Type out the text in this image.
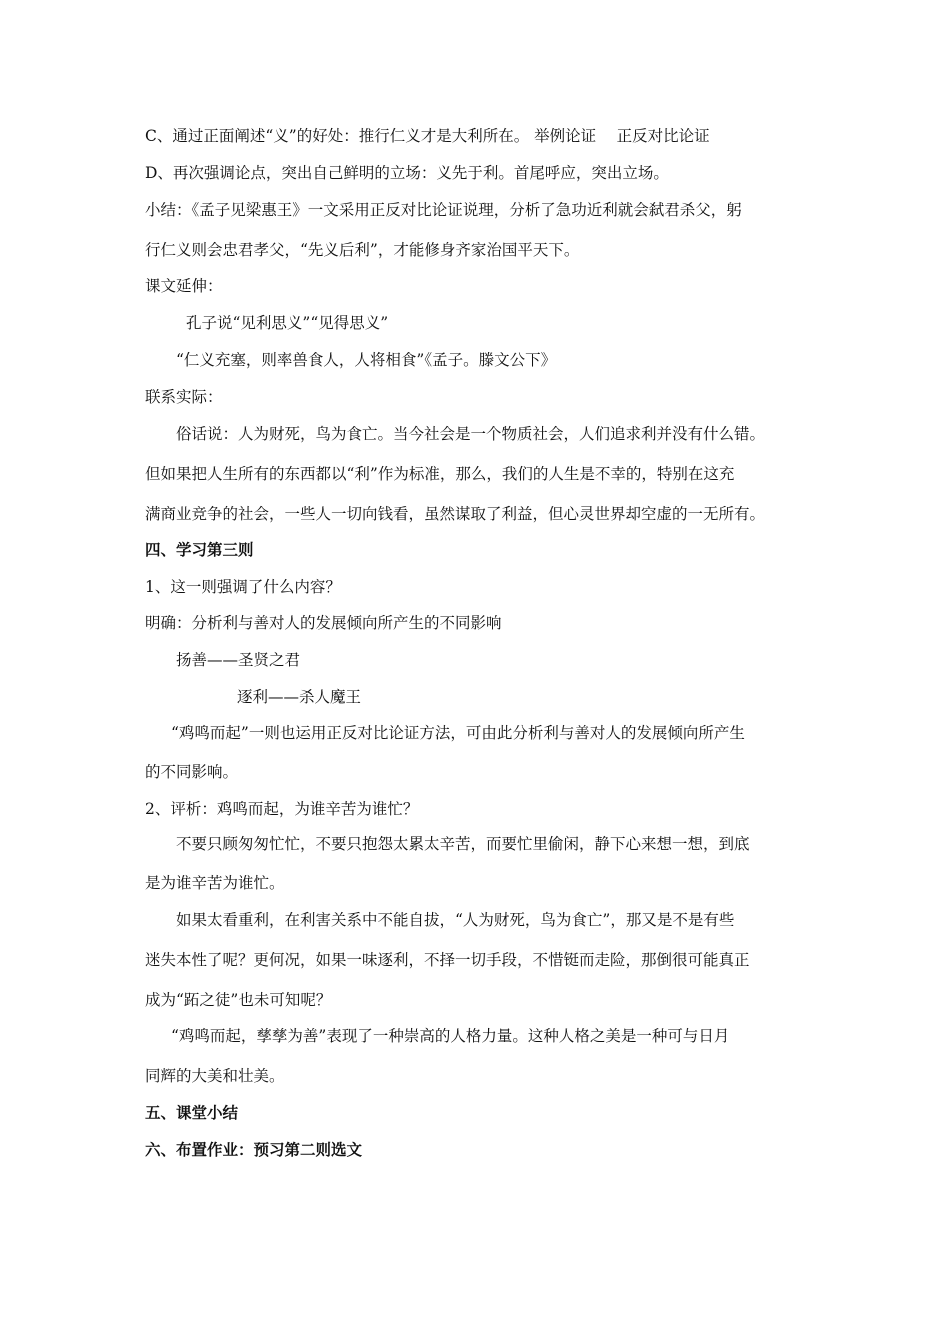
C、通过正面阐述“义”的好处：推行仁义才是大利所在。 举例论证　 正反对比论证
D、再次强调论点，突出自己鲜明的立场：义先于利。首尾呼应，突出立场。
小结：《孟子见梁惠王》一文采用正反对比论证说理，分析了急功近利就会弑君杀父，躬
行仁义则会忠君孝父，“先义后利”，才能修身齐家治国平天下。
课文延伸：
孔子说“见利思义”“见得思义”
“仁义充塞，则率兽食人，人将相食”《孟子。滕文公下》
联系实际：
俗话说：人为财死，鸟为食亡。当今社会是一个物质社会，人们追求利并没有什么错。
但如果把人生所有的东西都以“利”作为标准，那么，我们的人生是不幸的，特别在这充
满商业竞争的社会，一些人一切向钱看，虽然谋取了利益，但心灵世界却空虚的一无所有。
四、学习第三则
1、这一则强调了什么内容？
明确：分析利与善对人的发展倾向所产生的不同影响
扬善——圣贤之君
逐利——杀人魔王
“鸡鸣而起”一则也运用正反对比论证方法，可由此分析利与善对人的发展倾向所产生
的不同影响。
2、评析：鸡鸣而起，为谁辛苦为谁忙？
不要只顾匆匆忙忙，不要只抱怨太累太辛苦，而要忙里偷闲，静下心来想一想，到底
是为谁辛苦为谁忙。
如果太看重利，在利害关系中不能自拔，“人为财死，鸟为食亡”，那又是不是有些
迷失本性了呢？更何况，如果一味逐利，不择一切手段，不惜铤而走险，那倒很可能真正
成为“跖之徒”也未可知呢？
“鸡鸣而起，孳孳为善”表现了一种崇高的人格力量。这种人格之美是一种可与日月
同辉的大美和壮美。
五、课堂小结
六、布置作业：预习第二则选文
